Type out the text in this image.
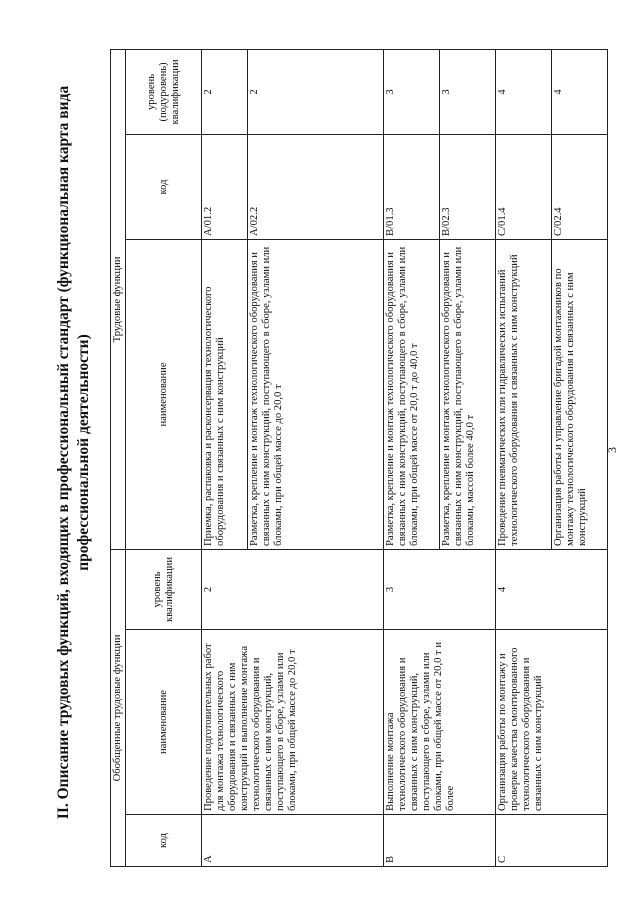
3
II. Описание трудовых функций, входящих в профессиональный стандарт (функциональная карта вида профессиональной деятельности)
Обобщенные трудовые функции			Трудовые функции		
код	наименование	уровень квалификации	наименование	код	уровень (подуровень) квалификации
A	Проведение подготовительных работ для монтажа технологического оборудования и связанных с ним конструкций и выполнение монтажа технологического оборудования и связанных с ним конструкций, поступающего в сборе, узлами или блоками, при общей массе до 20,0 т	2	Приемка, распаковка и расконсервация технологического оборудования и связанных с ним конструкций	A/01.2	2
			Разметка, крепление и монтаж технологического оборудования и связанных с ним конструкций, поступающего в сборе, узлами или блоками, при общей массе до 20,0 т	A/02.2	2
B	Выполнение монтажа технологического оборудования и связанных с ним конструкций, поступающего в сборе, узлами или блоками, при общей массе от 20,0 т и более	3	Разметка, крепление и монтаж технологического оборудования и связанных с ним конструкций, поступающего в сборе, узлами или блоками, при общей массе от 20,0 т до 40,0 т	B/01.3	3
			Разметка, крепление и монтаж технологического оборудования и связанных с ним конструкций, поступающего в сборе, узлами или блоками, массой более 40,0 т	B/02.3	3
C	Организация работы по монтажу и проверке качества смонтированного технологического оборудования и связанных с ним конструкций	4	Проведение пневматических или гидравлических испытаний технологического оборудования и связанных с ним конструкций	C/01.4	4
			Организация работы и управление бригадой монтажников по монтажу технологического оборудования и связанных с ним конструкций	C/02.4	4
